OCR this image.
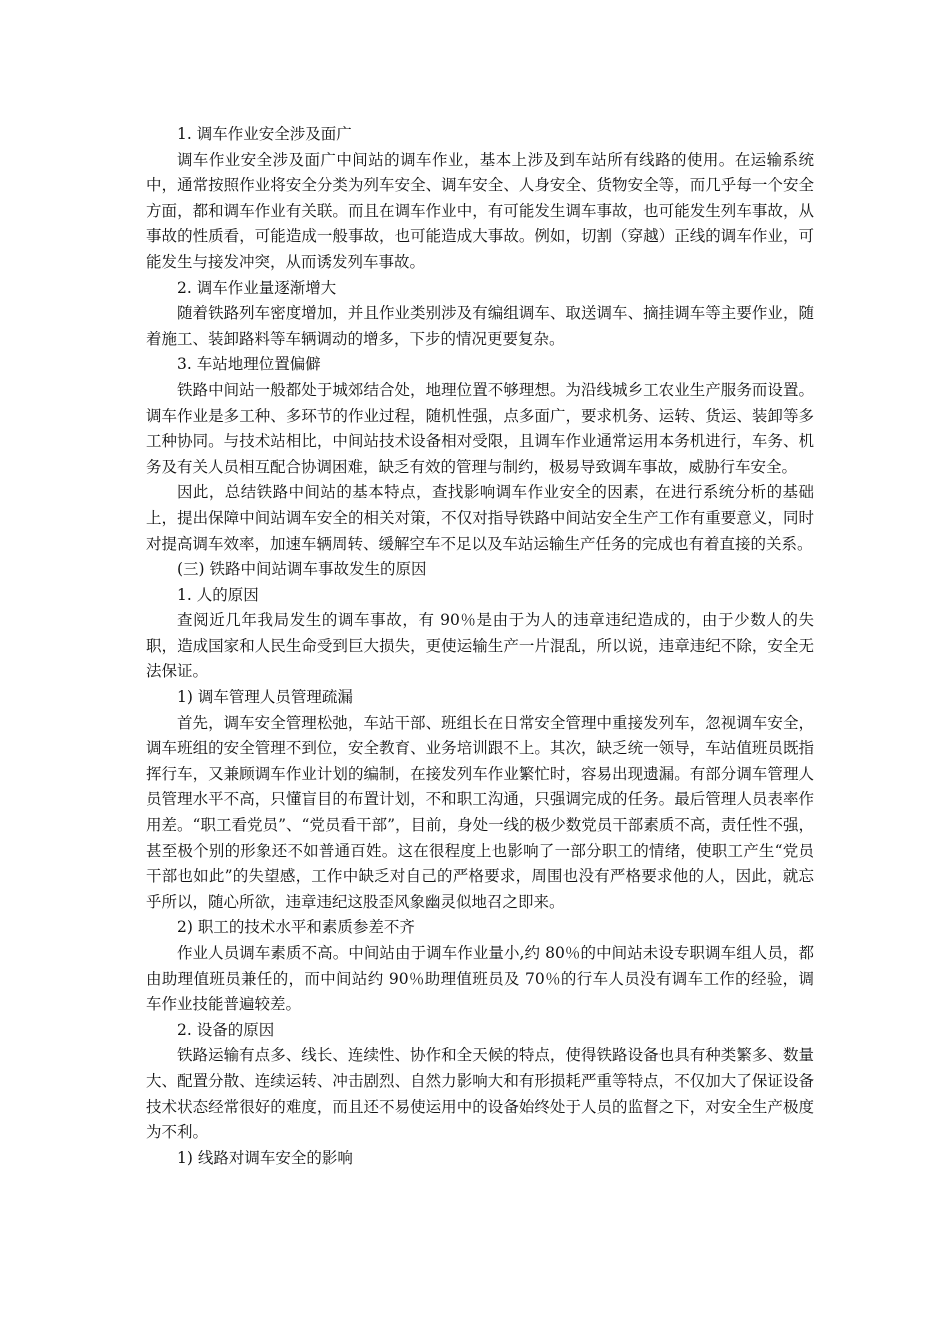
1. 调车作业安全涉及面广

调车作业安全涉及面广中间站的调车作业，基本上涉及到车站所有线路的使用。在运输系统中，通常按照作业将安全分类为列车安全、调车安全、人身安全、货物安全等，而几乎每一个安全方面，都和调车作业有关联。而且在调车作业中，有可能发生调车事故，也可能发生列车事故，从事故的性质看，可能造成一般事故，也可能造成大事故。例如，切割（穿越）正线的调车作业，可能发生与接发冲突，从而诱发列车事故。

2. 调车作业量逐渐增大

随着铁路列车密度增加，并且作业类别涉及有编组调车、取送调车、摘挂调车等主要作业，随着施工、装卸路料等车辆调动的增多，下步的情况更要复杂。

3. 车站地理位置偏僻

铁路中间站一般都处于城郊结合处，地理位置不够理想。为沿线城乡工农业生产服务而设置。调车作业是多工种、多环节的作业过程，随机性强，点多面广，要求机务、运转、货运、装卸等多工种协同。与技术站相比，中间站技术设备相对受限，且调车作业通常运用本务机进行，车务、机务及有关人员相互配合协调困难，缺乏有效的管理与制约，极易导致调车事故，威胁行车安全。

因此，总结铁路中间站的基本特点，查找影响调车作业安全的因素，在进行系统分析的基础上，提出保障中间站调车安全的相关对策，不仅对指导铁路中间站安全生产工作有重要意义，同时对提高调车效率，加速车辆周转、缓解空车不足以及车站运输生产任务的完成也有着直接的关系。

(三) 铁路中间站调车事故发生的原因

1. 人的原因

查阅近几年我局发生的调车事故，有 90％是由于为人的违章违纪造成的，由于少数人的失职，造成国家和人民生命受到巨大损失，更使运输生产一片混乱，所以说，违章违纪不除，安全无法保证。

1) 调车管理人员管理疏漏

首先，调车安全管理松弛，车站干部、班组长在日常安全管理中重接发列车，忽视调车安全，调车班组的安全管理不到位，安全教育、业务培训跟不上。其次，缺乏统一领导，车站值班员既指挥行车，又兼顾调车作业计划的编制，在接发列车作业繁忙时，容易出现遗漏。有部分调车管理人员管理水平不高，只懂盲目的布置计划，不和职工沟通，只强调完成的任务。最后管理人员表率作用差。“职工看党员”、“党员看干部”，目前，身处一线的极少数党员干部素质不高，责任性不强，甚至极个别的形象还不如普通百姓。这在很程度上也影响了一部分职工的情绪，使职工产生“党员干部也如此”的失望感，工作中缺乏对自己的严格要求，周围也没有严格要求他的人，因此，就忘乎所以，随心所欲，违章违纪这股歪风象幽灵似地召之即来。

2) 职工的技术水平和素质参差不齐

作业人员调车素质不高。中间站由于调车作业量小,约 80％的中间站未设专职调车组人员，都由助理值班员兼任的，而中间站约 90％助理值班员及 70％的行车人员没有调车工作的经验，调车作业技能普遍较差。

2. 设备的原因

铁路运输有点多、线长、连续性、协作和全天候的特点，使得铁路设备也具有种类繁多、数量大、配置分散、连续运转、冲击剧烈、自然力影响大和有形损耗严重等特点，不仅加大了保证设备技术状态经常很好的难度，而且还不易使运用中的设备始终处于人员的监督之下，对安全生产极度为不利。

1) 线路对调车安全的影响
